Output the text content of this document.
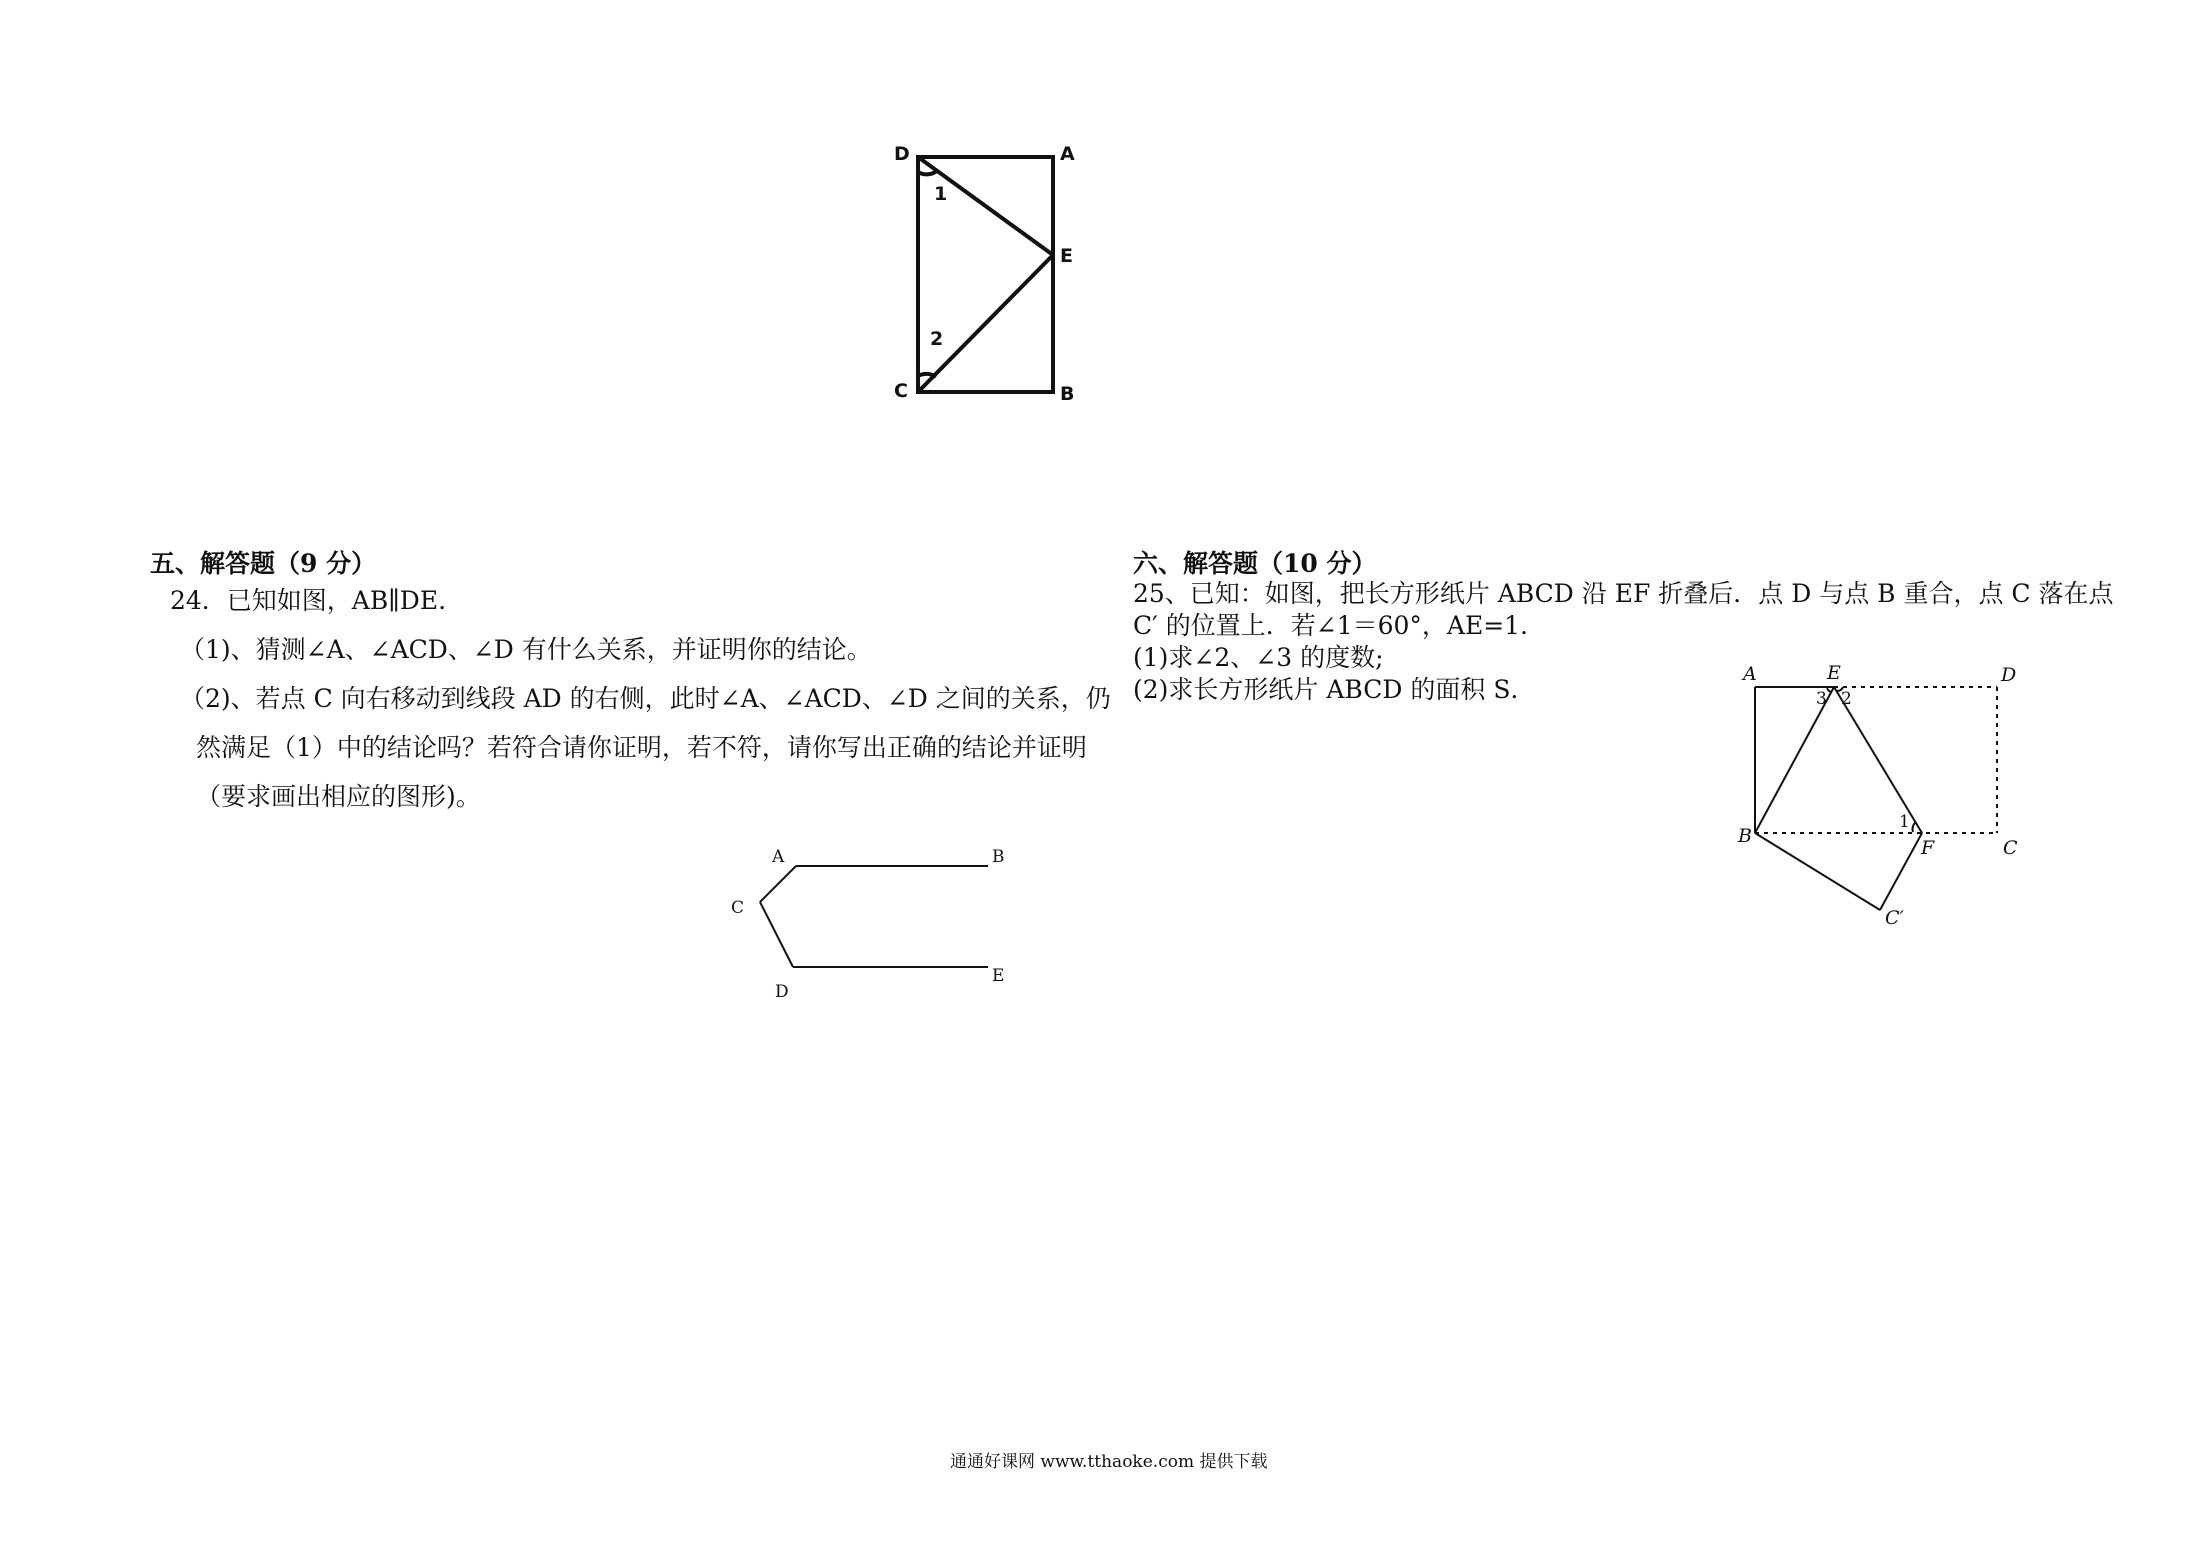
D	A
E
C	B
1
2
五、解答题（9 分）
24．已知如图，AB∥DE.
（1)、猜测∠A、∠ACD、∠D 有什么关系，并证明你的结论。
（2)、若点 C 向右移动到线段 AD 的右侧，此时∠A、∠ACD、∠D 之间的关系，仍
然满足（1）中的结论吗？若符合请你证明，若不符，请你写出正确的结论并证明
（要求画出相应的图形)。
A	B
C
D
E
六、解答题（10 分）
25、已知：如图，把长方形纸片 ABCD 沿 EF 折叠后．点 D 与点 B 重合，点 C 落在点
C′ 的位置上．若∠1＝60°，AE=1．
(1)求∠2、∠3 的度数;
(2)求长方形纸片 ABCD 的面积 S．
A	E	D
B
F	C
C′
1
2
3
通通好课网 www.tthaoke.com 提供下载
